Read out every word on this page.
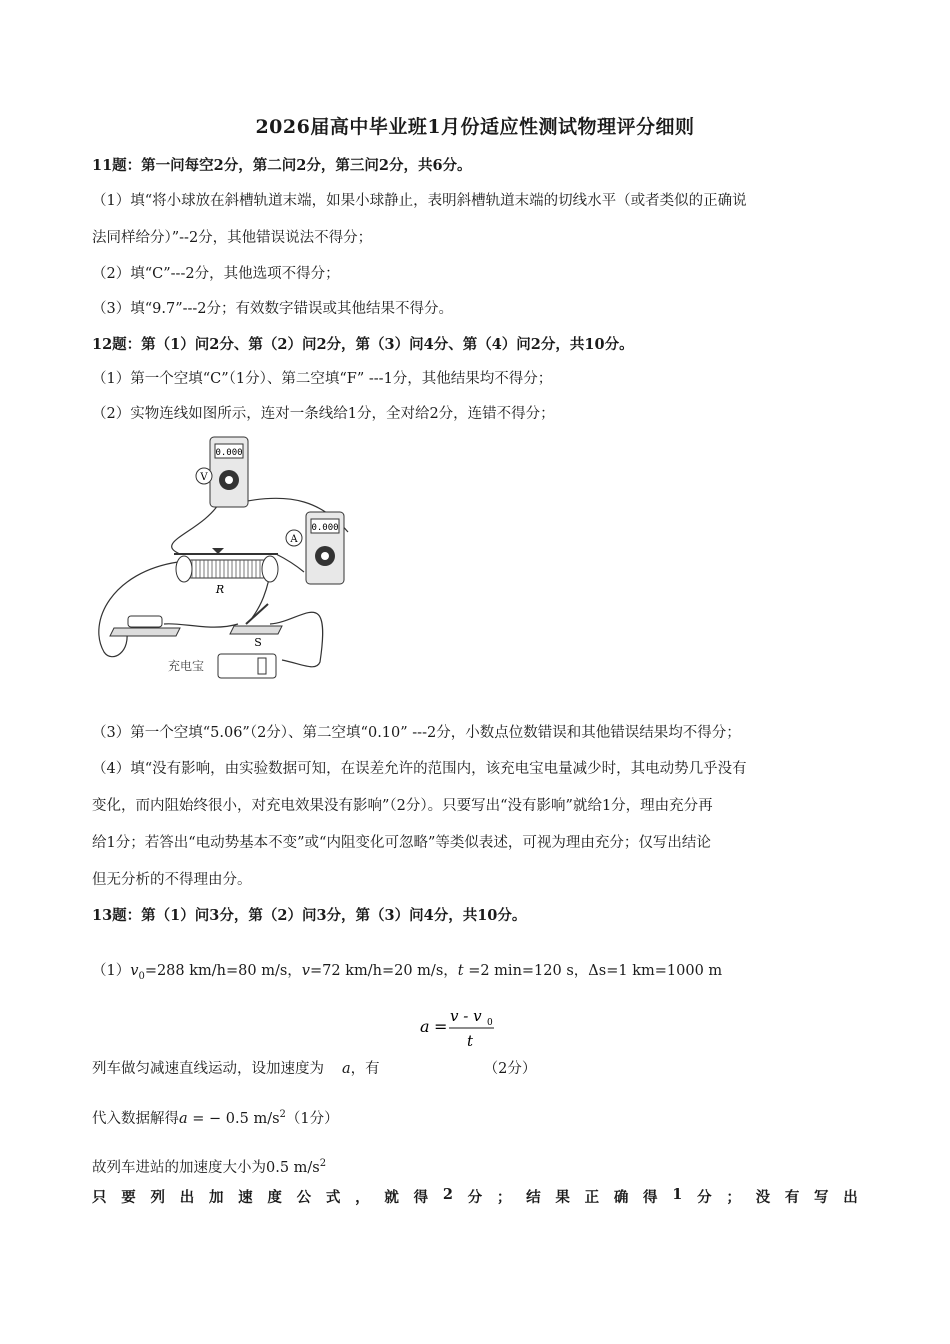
2026届高中毕业班1月份适应性测试物理评分细则
11题：第一问每空2分，第二问2分，第三问2分，共6分。
（1）填“将小球放在斜槽轨道末端，如果小球静止，表明斜槽轨道末端的切线水平（或者类似的正确说
法同样给分）”--2分，其他错误说法不得分；
（2）填“C”---2分，其他选项不得分；
（3）填“9.7”---2分；有效数字错误或其他结果不得分。
12题：第（1）问2分、第（2）问2分，第（3）问4分、第（4）问2分，共10分。
（1）第一个空填“C”（1分）、第二空填“F” ---1分，其他结果均不得分；
（2）实物连线如图所示，连对一条线给1分，全对给2分，连错不得分；
0.000
V
0.000
A
R
S
充电宝
（3）第一个空填“5.06”（2分）、第二空填“0.10” ---2分，小数点位数错误和其他错误结果均不得分；
（4）填“没有影响，由实验数据可知，在误差允许的范围内，该充电宝电量减少时，其电动势几乎没有
变化，而内阻始终很小，对充电效果没有影响”（2分）。只要写出“没有影响”就给1分，理由充分再
给1分；若答出“电动势基本不变”或“内阻变化可忽略”等类似表述，可视为理由充分；仅写出结论
但无分析的不得理由分。
13题：第（1）问3分，第（2）问3分，第（3）问4分，共10分。
$(1)v_0=288$ km/h=80 m/s，v=72 km/h=20 m/s，t =2 min=120 s，Δs=1 km=1000 m
a =
v - v 0
t
列车做匀减速直线运动，设加速度为 a，有	（2分）
代入数据解得a = − 0.5 $m/s^2(1$分）
故列车进站的加速度大小为0.5 $m/s^2$
只 要 列 出 加 速 度 公 式 ， 就 得 2 分 ； 结 果 正 确 得 1 分 ； 没 有 写 出
